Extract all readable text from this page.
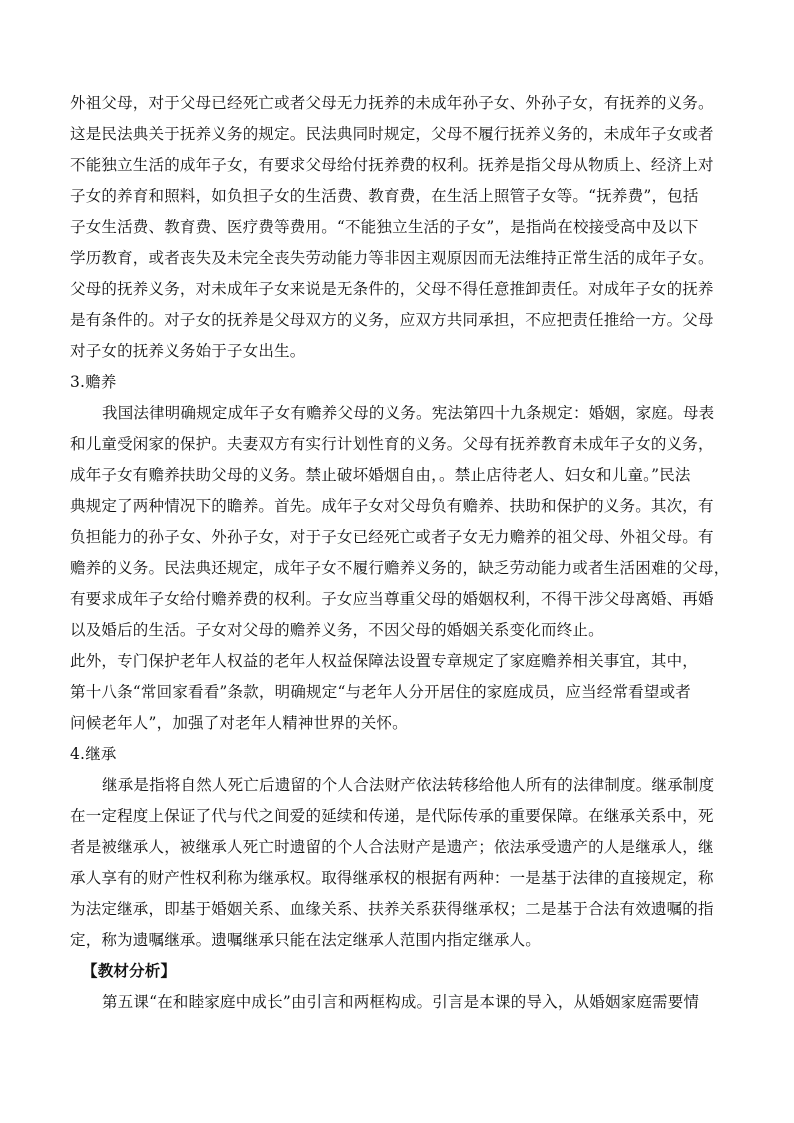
外祖父母，对于父母已经死亡或者父母无力抚养的未成年孙子女、外孙子女，有抚养的义务。
这是民法典关于抚养义务的规定。民法典同时规定，父母不履行抚养义务的，未成年子女或者
不能独立生活的成年子女，有要求父母给付抚养费的权利。抚养是指父母从物质上、经济上对
子女的养育和照料，如负担子女的生活费、教育费，在生活上照管子女等。“抚养费”，包括
子女生活费、教育费、医疗费等费用。“不能独立生活的子女”，是指尚在校接受高中及以下
学历教育，或者丧失及未完全丧失劳动能力等非因主观原因而无法维持正常生活的成年子女。
父母的抚养义务，对未成年子女来说是无条件的，父母不得任意推卸责任。对成年子女的抚养
是有条件的。对子女的抚养是父母双方的义务，应双方共同承担，不应把责任推给一方。父母
对子女的抚养义务始于子女出生。
3.赡养
我国法律明确规定成年子女有赡养父母的义务。宪法第四十九条规定：婚姻，家庭。母表
和儿童受闲家的保护。夫妻双方有实行计划性育的义务。父母有抚养教育未成年子女的义务，
成年子女有赡养扶助父母的义务。禁止破坏婚烟自由，。禁止店待老人、妇女和儿童。”民法
典规定了两种情况下的瞻养。首先。成年子女对父母负有赡养、扶助和保护的义务。其次，有
负担能力的孙子女、外孙子女，对于子女已经死亡或者子女无力赡养的祖父母、外祖父母。有
赡养的义务。民法典还规定，成年子女不履行赡养义务的，缺乏劳动能力或者生活困难的父母，
有要求成年子女给付赡养费的权利。子女应当尊重父母的婚姻权利，不得干涉父母离婚、再婚
以及婚后的生活。子女对父母的赡养义务，不因父母的婚姻关系变化而终止。
此外，专门保护老年人权益的老年人权益保障法设置专章规定了家庭赡养相关事宜，其中，
第十八条“常回家看看”条款，明确规定“与老年人分开居住的家庭成员，应当经常看望或者
问候老年人”，加强了对老年人精神世界的关怀。
4.继承
继承是指将自然人死亡后遗留的个人合法财产依法转移给他人所有的法律制度。继承制度
在一定程度上保证了代与代之间爱的延续和传递，是代际传承的重要保障。在继承关系中，死
者是被继承人，被继承人死亡时遗留的个人合法财产是遗产；依法承受遗产的人是继承人，继
承人享有的财产性权利称为继承权。取得继承权的根据有两种：一是基于法律的直接规定，称
为法定继承，即基于婚姻关系、血缘关系、扶养关系获得继承权；二是基于合法有效遗嘱的指
定，称为遗嘱继承。遗嘱继承只能在法定继承人范围内指定继承人。
【教材分析】
第五课“在和睦家庭中成长”由引言和两框构成。引言是本课的导入，从婚姻家庭需要情
